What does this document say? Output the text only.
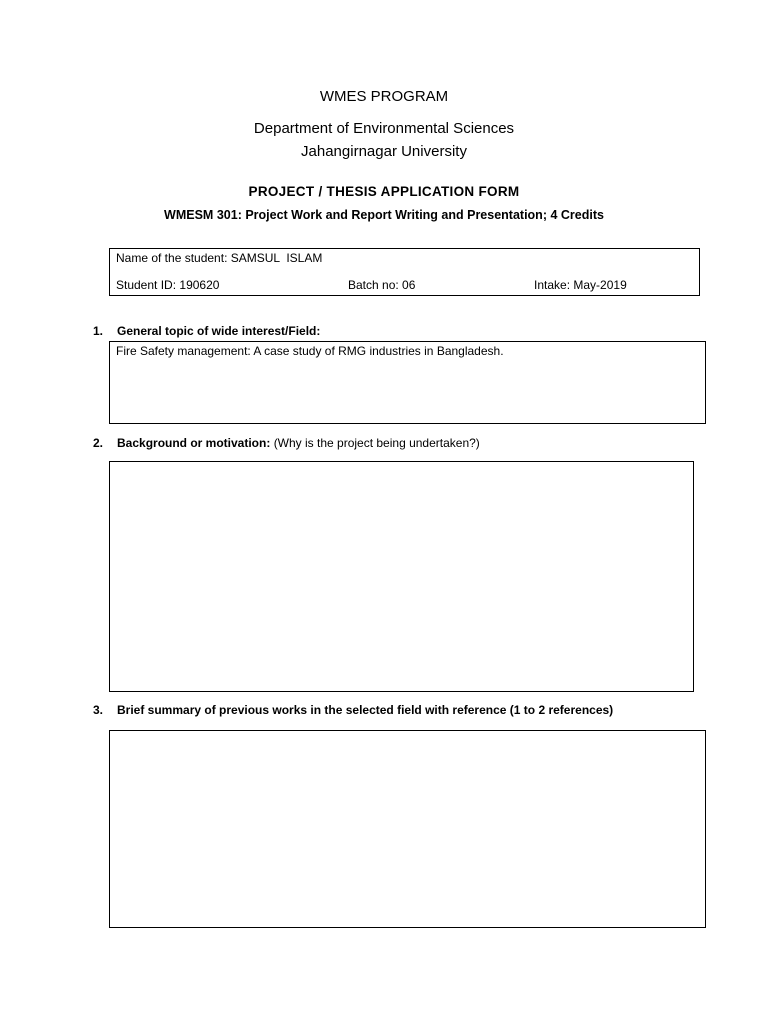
WMES PROGRAM
Department of Environmental Sciences
Jahangirnagar University
PROJECT / THESIS APPLICATION FORM
WMESM 301: Project Work and Report Writing and Presentation; 4 Credits
Name of the student: SAMSUL  ISLAM
Student ID: 190620	Batch no: 06	Intake: May-2019
1. General topic of wide interest/Field:
Fire Safety management: A case study of RMG industries in Bangladesh.
2. Background or motivation: (Why is the project being undertaken?)
3. Brief summary of previous works in the selected field with reference (1 to 2 references)
